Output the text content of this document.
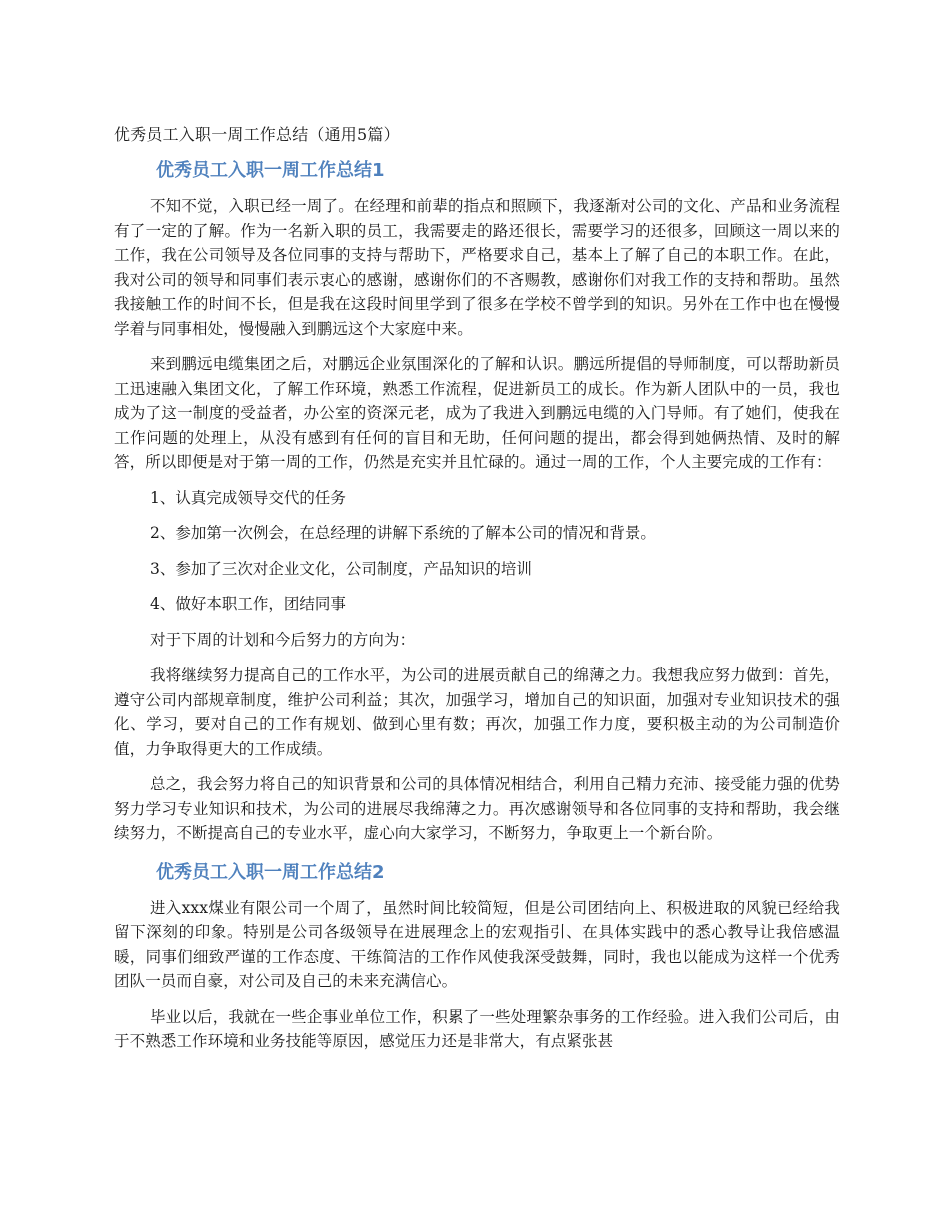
优秀员工入职一周工作总结（通用5篇）
优秀员工入职一周工作总结1

不知不觉，入职已经一周了。在经理和前辈的指点和照顾下，我逐渐对公司的文化、产品和业务流程有了一定的了解。作为一名新入职的员工，我需要走的路还很长，需要学习的还很多，回顾这一周以来的工作，我在公司领导及各位同事的支持与帮助下，严格要求自己，基本上了解了自己的本职工作。在此，我对公司的领导和同事们表示衷心的感谢，感谢你们的不吝赐教，感谢你们对我工作的支持和帮助。虽然我接触工作的时间不长，但是我在这段时间里学到了很多在学校不曾学到的知识。另外在工作中也在慢慢学着与同事相处，慢慢融入到鹏远这个大家庭中来。

来到鹏远电缆集团之后，对鹏远企业氛围深化的了解和认识。鹏远所提倡的导师制度，可以帮助新员工迅速融入集团文化，了解工作环境，熟悉工作流程，促进新员工的成长。作为新人团队中的一员，我也成为了这一制度的受益者，办公室的资深元老，成为了我进入到鹏远电缆的入门导师。有了她们，使我在工作问题的处理上，从没有感到有任何的盲目和无助，任何问题的提出，都会得到她俩热情、及时的解答，所以即便是对于第一周的工作，仍然是充实并且忙碌的。通过一周的工作，个人主要完成的工作有：

1、认真完成领导交代的任务

2、参加第一次例会，在总经理的讲解下系统的了解本公司的情况和背景。

3、参加了三次对企业文化，公司制度，产品知识的培训

4、做好本职工作，团结同事

对于下周的计划和今后努力的方向为：

我将继续努力提高自己的工作水平，为公司的进展贡献自己的绵薄之力。我想我应努力做到：首先，遵守公司内部规章制度，维护公司利益；其次，加强学习，增加自己的知识面，加强对专业知识技术的强化、学习，要对自己的工作有规划、做到心里有数；再次，加强工作力度，要积极主动的为公司制造价值，力争取得更大的工作成绩。

总之，我会努力将自己的知识背景和公司的具体情况相结合，利用自己精力充沛、接受能力强的优势努力学习专业知识和技术，为公司的进展尽我绵薄之力。再次感谢领导和各位同事的支持和帮助，我会继续努力，不断提高自己的专业水平，虚心向大家学习，不断努力，争取更上一个新台阶。

优秀员工入职一周工作总结2

进入xxx煤业有限公司一个周了，虽然时间比较简短，但是公司团结向上、积极进取的风貌已经给我留下深刻的印象。特别是公司各级领导在进展理念上的宏观指引、在具体实践中的悉心教导让我倍感温暖，同事们细致严谨的工作态度、干练简洁的工作作风使我深受鼓舞，同时，我也以能成为这样一个优秀团队一员而自豪，对公司及自己的未来充满信心。

毕业以后，我就在一些企事业单位工作，积累了一些处理繁杂事务的工作经验。进入我们公司后，由于不熟悉工作环境和业务技能等原因，感觉压力还是非常大，有点紧张甚
